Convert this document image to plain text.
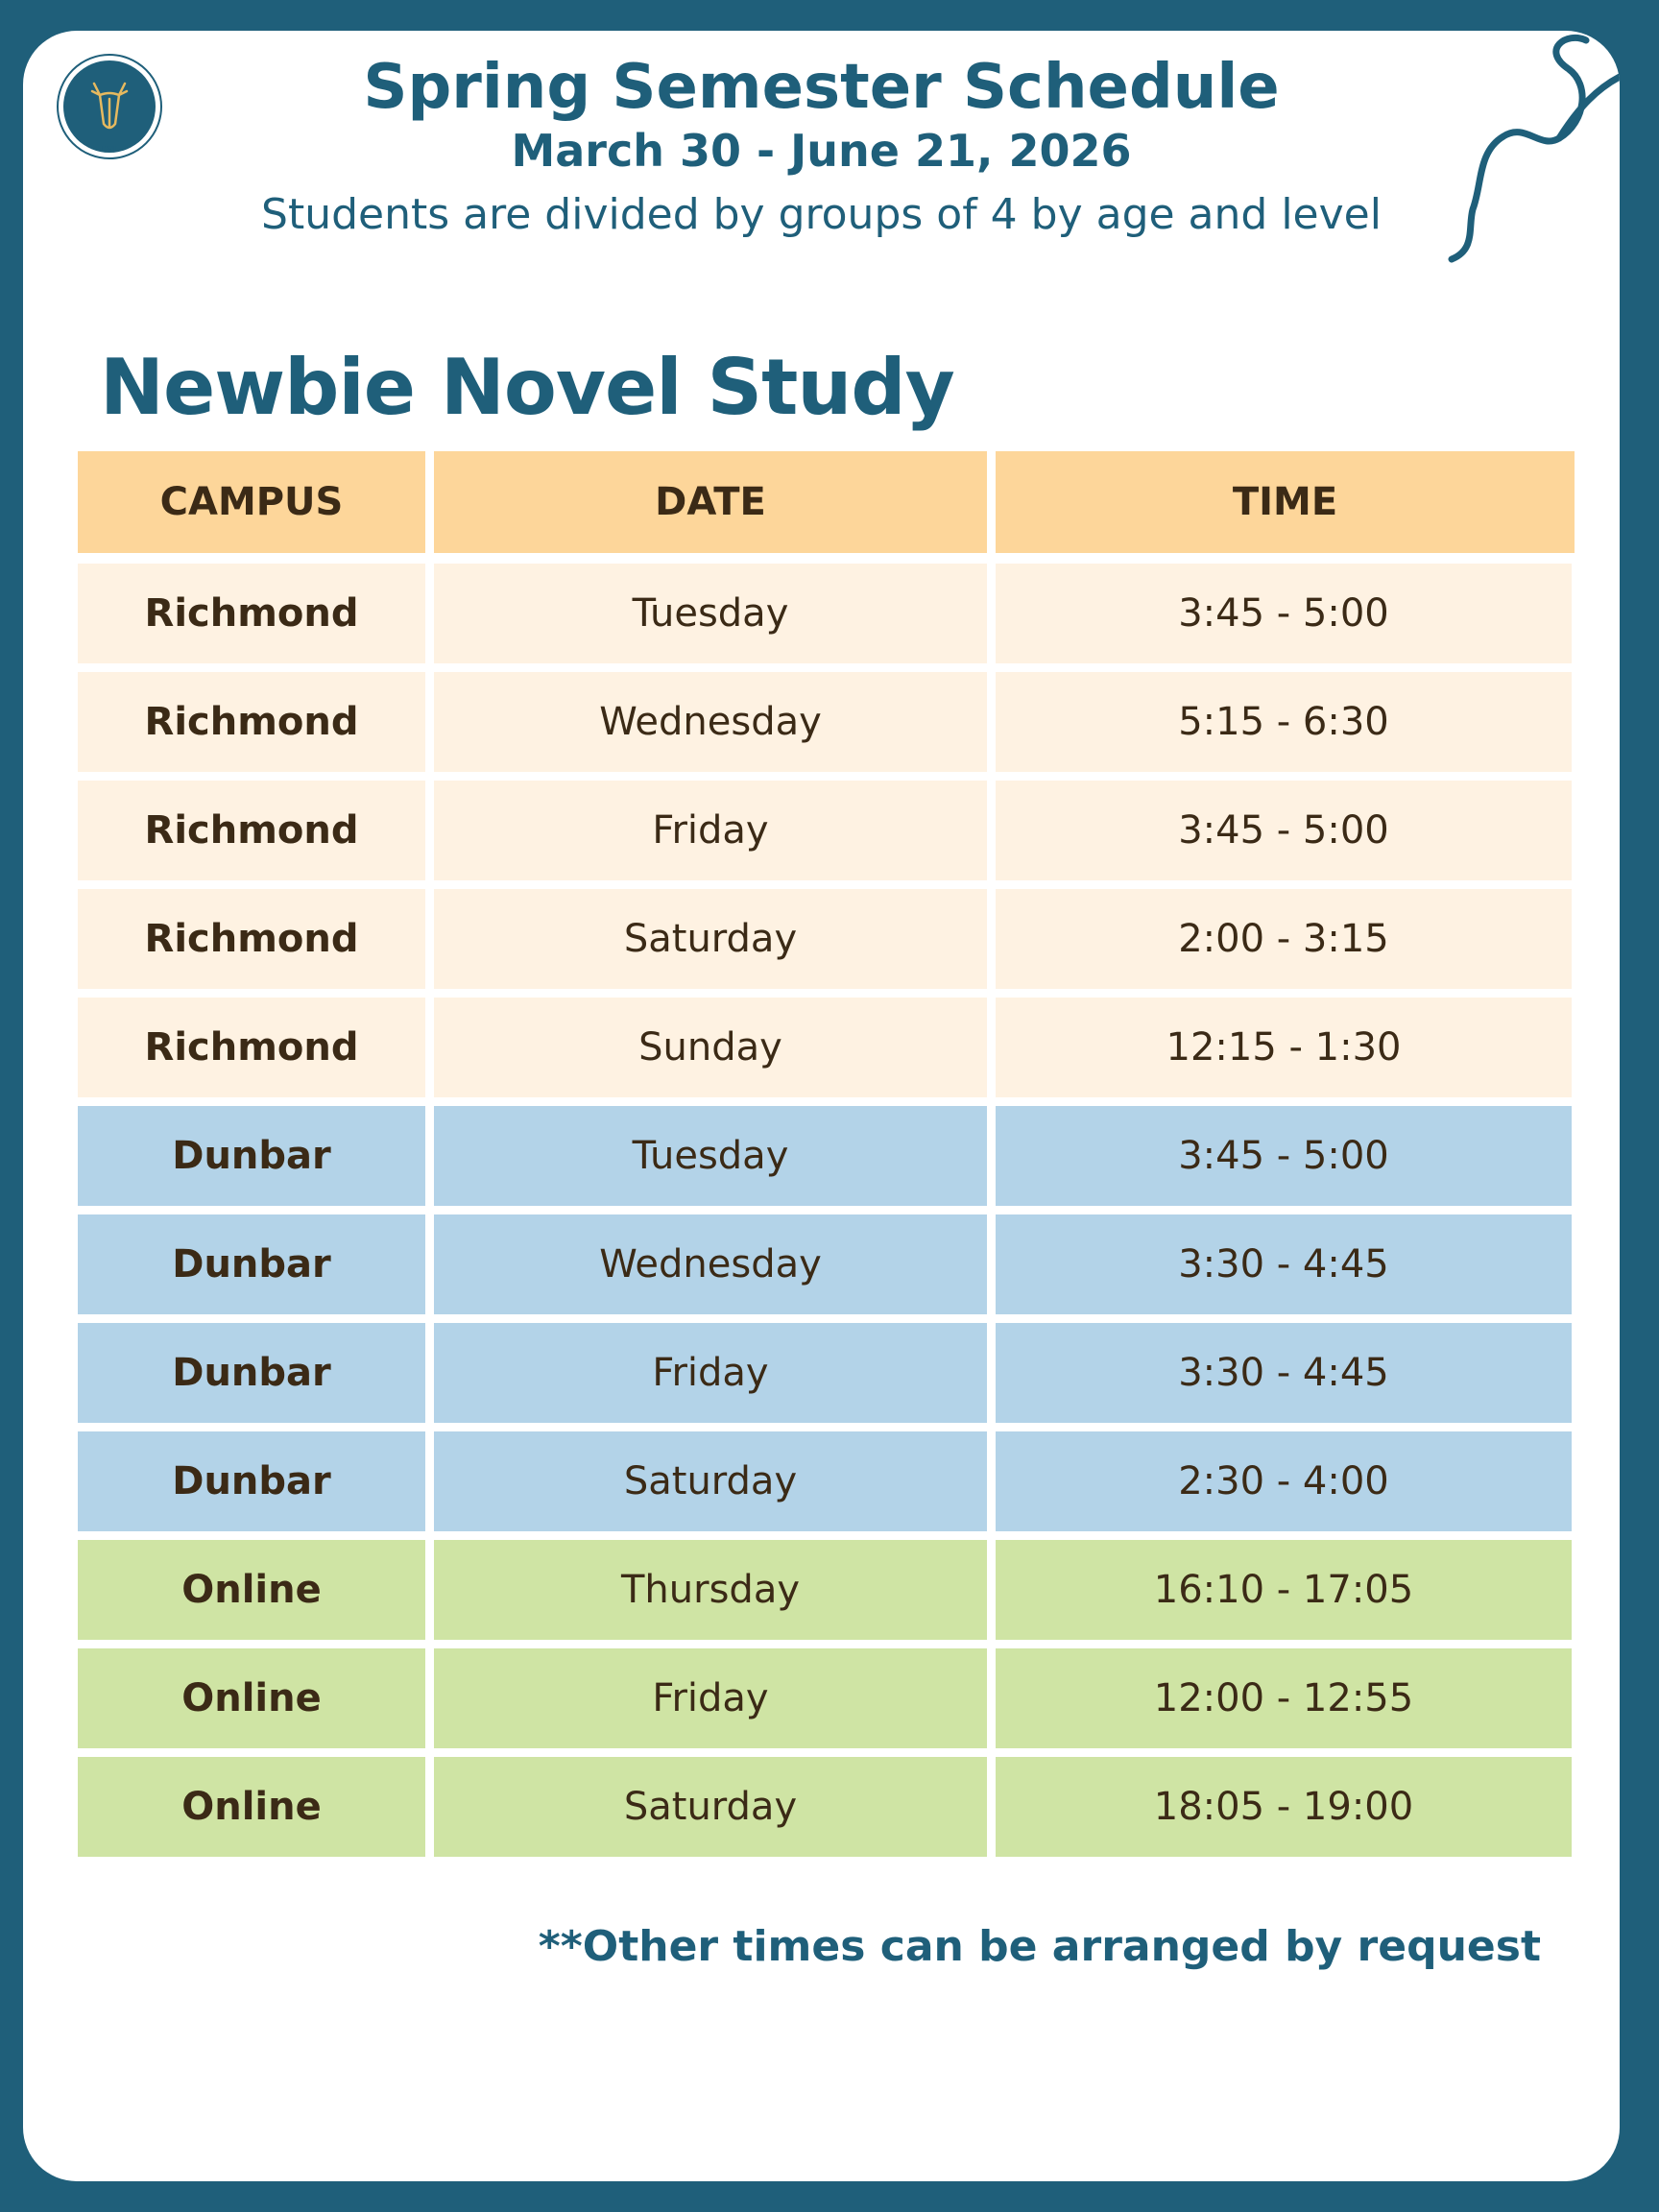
LWL
Spring Semester Schedule
March 30 - June 21, 2026
Students are divided by groups of 4 by age and level
Newbie Novel Study
CAMPUS	DATE	TIME
Richmond	Tuesday	3:45 - 5:00
Richmond	Wednesday	5:15 - 6:30
Richmond	Friday	3:45 - 5:00
Richmond	Saturday	2:00 - 3:15
Richmond	Sunday	12:15 - 1:30
Dunbar	Tuesday	3:45 - 5:00
Dunbar	Wednesday	3:30 - 4:45
Dunbar	Friday	3:30 - 4:45
Dunbar	Saturday	2:30 - 4:00
Online	Thursday	16:10 - 17:05
Online	Friday	12:00 - 12:55
Online	Saturday	18:05 - 19:00
**Other times can be arranged by request
